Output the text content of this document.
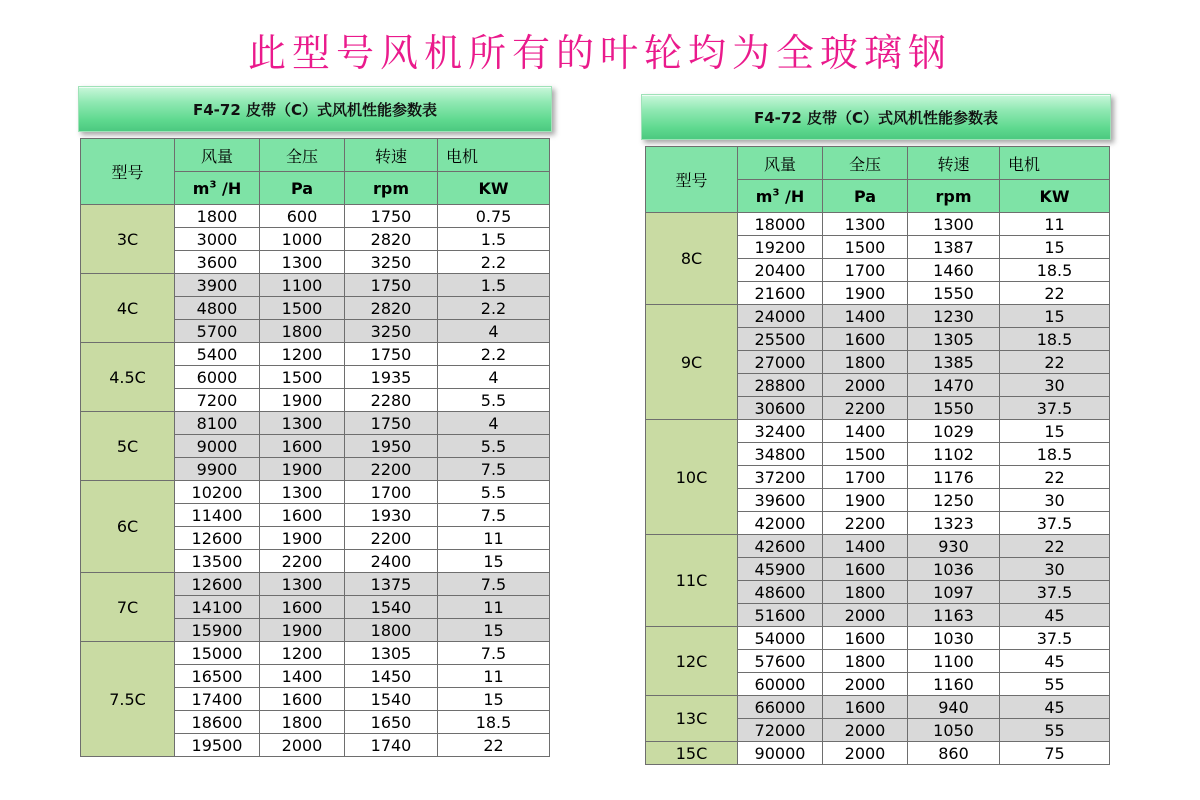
此型号风机所有的叶轮均为全玻璃钢
F4-72 皮带（C）式风机性能参数表
型号	风量	全压	转速	电机
	$m^3$ /H	Pa	rpm	KW
3C	1800	600	1750	0.75
	3000	1000	2820	1.5
	3600	1300	3250	2.2
4C	3900	1100	1750	1.5
	4800	1500	2820	2.2
	5700	1800	3250	4
4.5C	5400	1200	1750	2.2
	6000	1500	1935	4
	7200	1900	2280	5.5
5C	8100	1300	1750	4
	9000	1600	1950	5.5
	9900	1900	2200	7.5
6C	10200	1300	1700	5.5
	11400	1600	1930	7.5
	12600	1900	2200	11
	13500	2200	2400	15
7C	12600	1300	1375	7.5
	14100	1600	1540	11
	15900	1900	1800	15
7.5C	15000	1200	1305	7.5
	16500	1400	1450	11
	17400	1600	1540	15
	18600	1800	1650	18.5
	19500	2000	1740	22
F4-72 皮带（C）式风机性能参数表
型号	风量	全压	转速	电机
	$m^3$ /H	Pa	rpm	KW
8C	18000	1300	1300	11
	19200	1500	1387	15
	20400	1700	1460	18.5
	21600	1900	1550	22
9C	24000	1400	1230	15
	25500	1600	1305	18.5
	27000	1800	1385	22
	28800	2000	1470	30
	30600	2200	1550	37.5
10C	32400	1400	1029	15
	34800	1500	1102	18.5
	37200	1700	1176	22
	39600	1900	1250	30
	42000	2200	1323	37.5
11C	42600	1400	930	22
	45900	1600	1036	30
	48600	1800	1097	37.5
	51600	2000	1163	45
12C	54000	1600	1030	37.5
	57600	1800	1100	45
	60000	2000	1160	55
13C	66000	1600	940	45
	72000	2000	1050	55
15C	90000	2000	860	75
